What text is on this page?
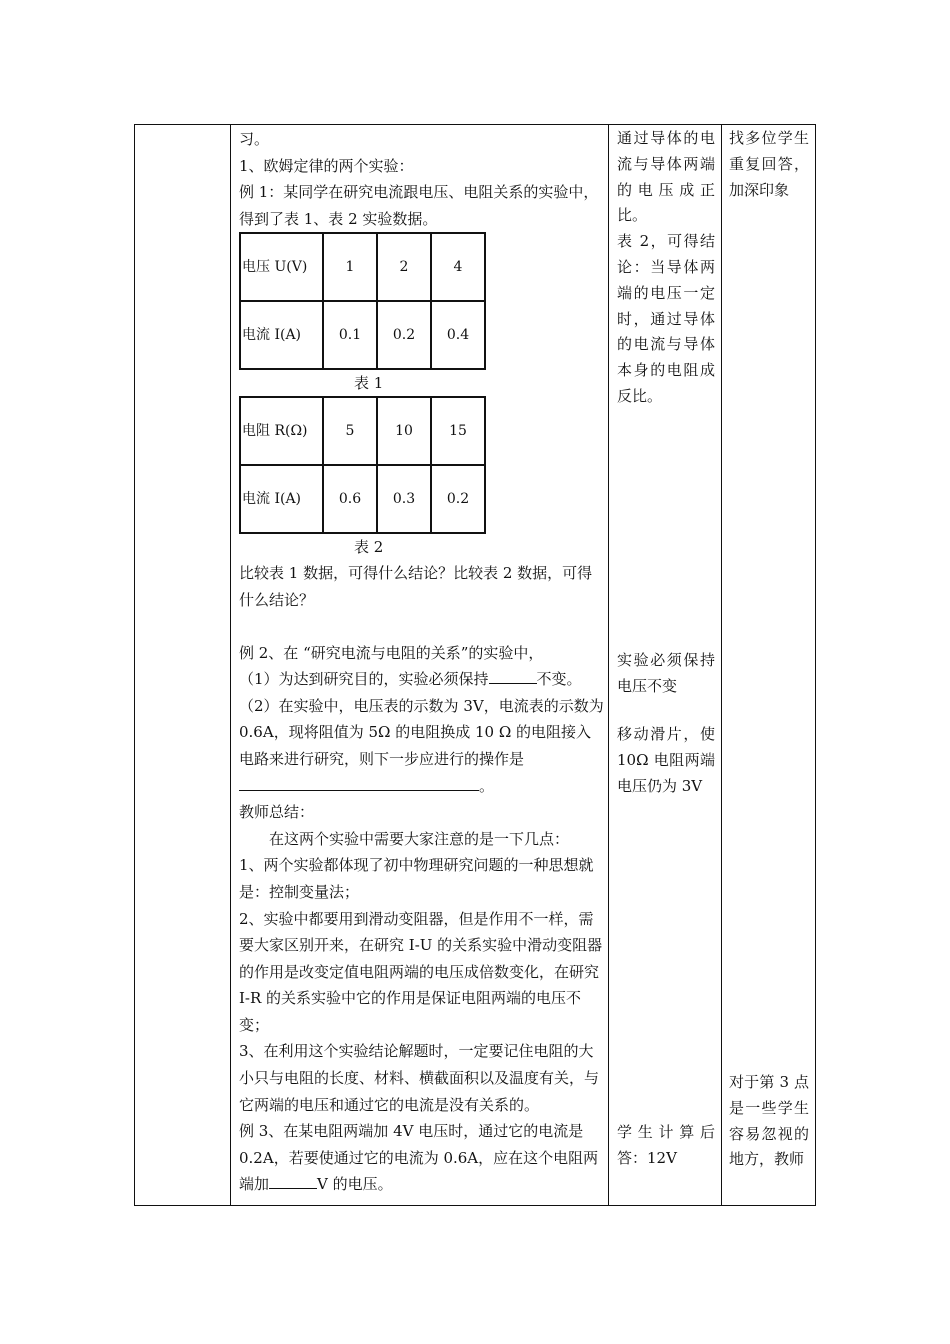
习。
1、欧姆定律的两个实验：
例 1：某同学在研究电流跟电压、电阻关系的实验中，得到了表 1、表 2 实验数据。
电压 U(V)	1	2	4
电流 I(A)	0.1	0.2	0.4
表 1
电阻 R(Ω)	5	10	15
电流 I(A)	0.6	0.3	0.2
表 2
比较表 1 数据，可得什么结论？比较表 2 数据，可得什么结论？
例 2、在 “研究电流与电阻的关系”的实验中，
（1）为达到研究目的，实验必须保持	不变。
（2）在实验中，电压表的示数为 3V，电流表的示数为 0.6A，现将阻值为 5Ω 的电阻换成 10 Ω 的电阻接入电路来进行研究，则下一步应进行的操作是。
教师总结：
在这两个实验中需要大家注意的是一下几点：
1、两个实验都体现了初中物理研究问题的一种思想就是：控制变量法；
2、实验中都要用到滑动变阻器，但是作用不一样，需要大家区别开来，在研究 I-U 的关系实验中滑动变阻器的作用是改变定值电阻两端的电压成倍数变化，在研究 I-R 的关系实验中它的作用是保证电阻两端的电压不变；
3、在利用这个实验结论解题时，一定要记住电阻的大小只与电阻的长度、材料、横截面积以及温度有关，与它两端的电压和通过它的电流是没有关系的。
例 3、在某电阻两端加 4V 电压时，通过它的电流是 0.2A，若要使通过它的电流为 0.6A，应在这个电阻两端加	V 的电压。
通过导体的电流与导体两端的电压成正比。
表 2，可得结论：当导体两端的电压一定时，通过导体的电流与导体本身的电阻成反比。
实验必须保持电压不变
移动滑片，使 10Ω 电阻两端电压仍为 3V
学生计算后答：12V
找多位学生重复回答，加深印象
对于第 3 点是一些学生容易忽视的地方，教师
